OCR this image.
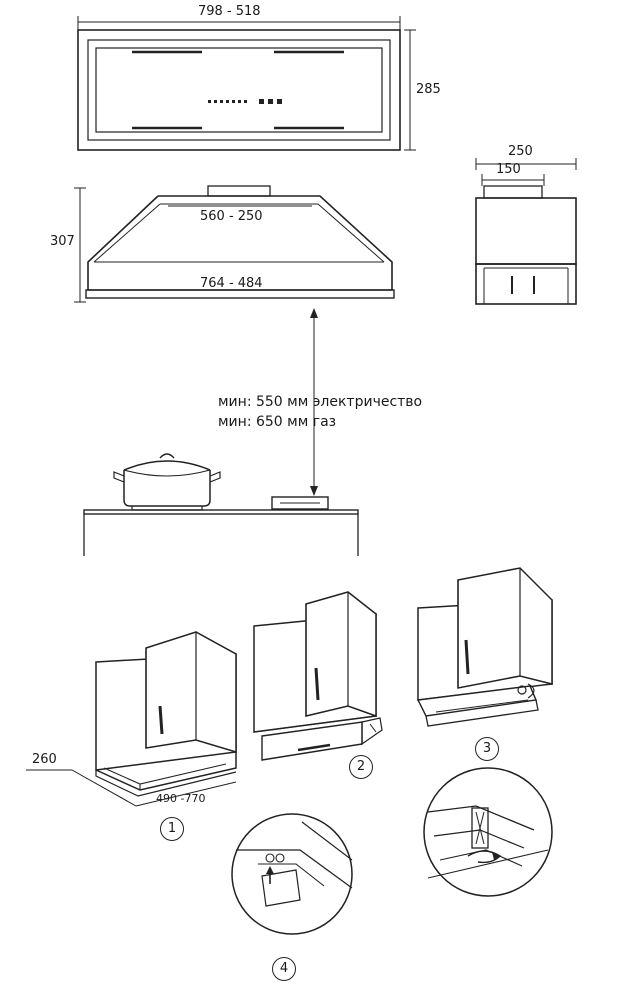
798 - 518
285
307
560 - 250
764 - 484
250
150
мин: 550 мм электричество
мин: 650 мм газ
260
490 -770
1
2
3
4
